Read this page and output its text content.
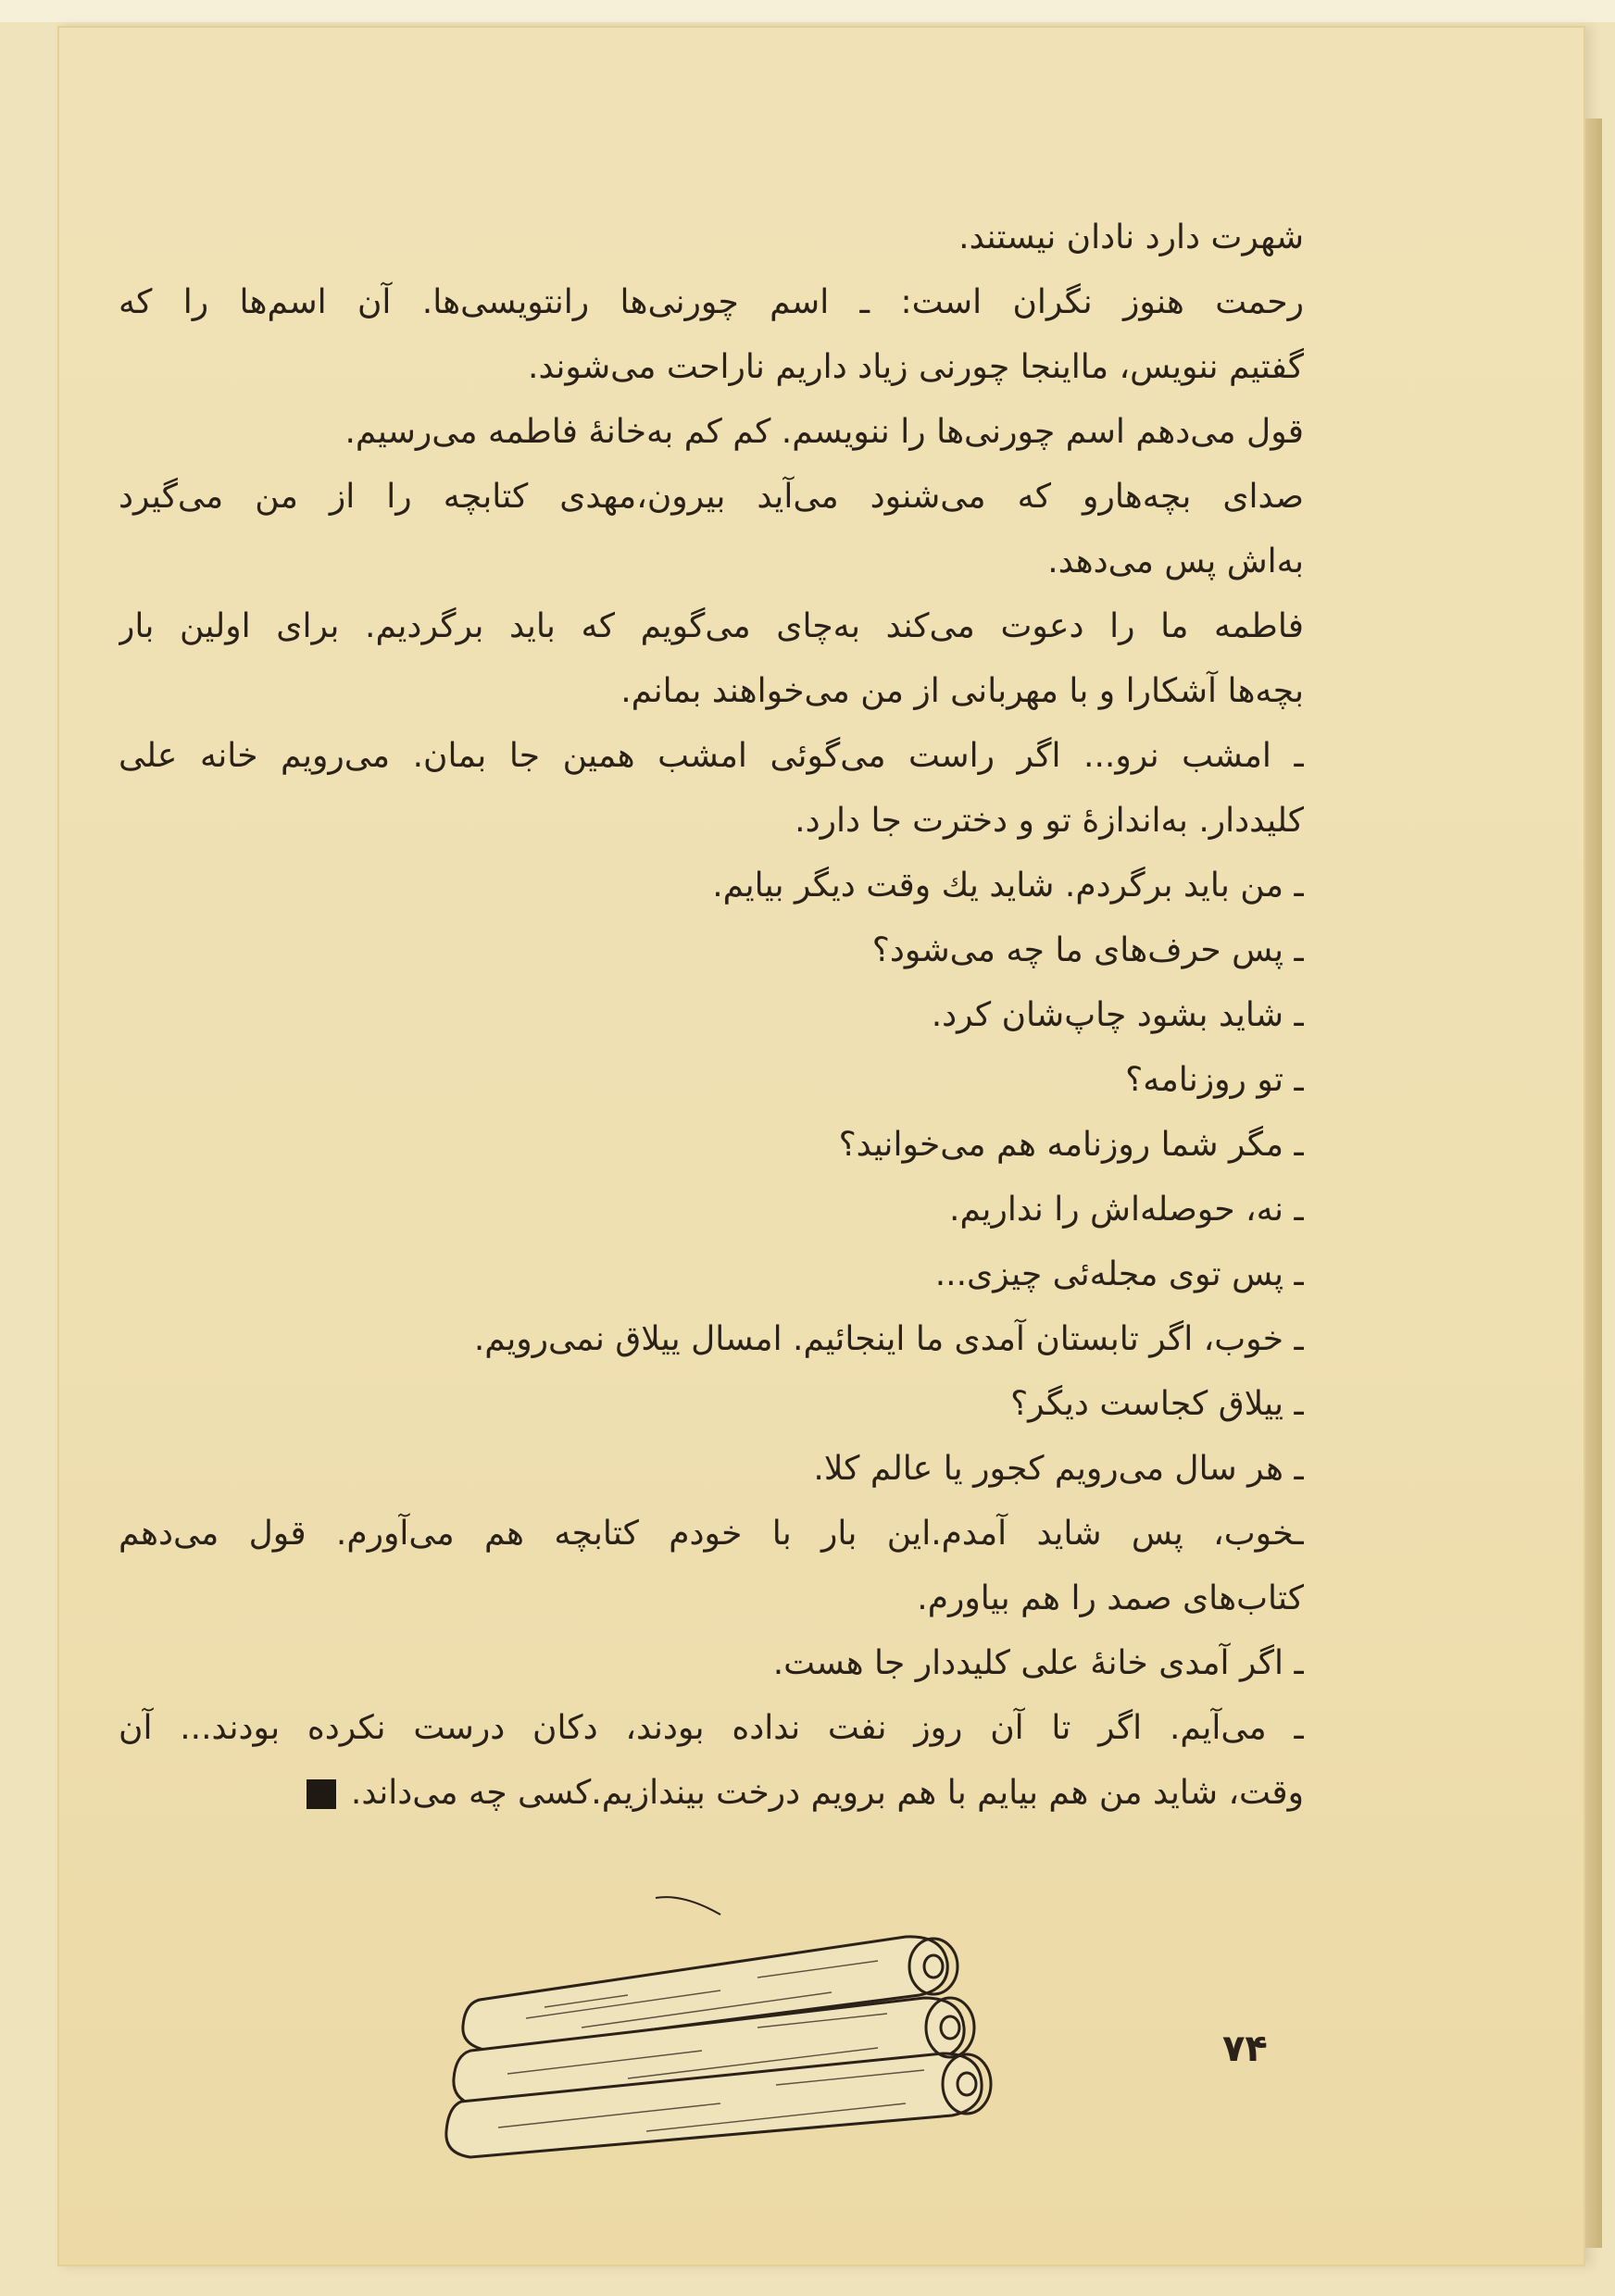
شهرت دارد نادان نیستند.
رحمت هنوز نگران است: ـ اسم چورنی‌ها رانتویسی‌ها. آن اسم‌ها را که
گفتیم ننویس، مااینجا چورنی زیاد داریم ناراحت می‌شوند.
قول می‌دهم اسم چورنی‌ها را ننویسم. کم کم به‌خانهٔ فاطمه می‌رسیم.
صدای بچه‌هارو که می‌شنود می‌آید بیرون،مهدی کتابچه را از من می‌گیرد
به‌اش پس می‌دهد.
فاطمه ما را دعوت می‌کند به‌چای می‌گویم که باید برگردیم. برای اولین بار
بچه‌ها آشکارا و با مهربانی از من می‌خواهند بمانم.
ـ امشب نرو... اگر راست می‌گوئی امشب همین جا بمان. می‌رویم خانه علی
کلیددار. به‌اندازهٔ تو و دخترت جا دارد.
ـ من باید برگردم. شاید یك وقت دیگر بیایم.
ـ پس حرف‌های ما چه می‌شود؟
ـ شاید بشود چاپ‌شان کرد.
ـ تو روزنامه؟
ـ مگر شما روزنامه هم می‌خوانید؟
ـ نه، حوصله‌اش را نداریم.
ـ پس توی مجله‌ئی چیزی...
ـ خوب، اگر تابستان آمدی ما اینجائیم. امسال ییلاق نمی‌رویم.
ـ ییلاق کجاست دیگر؟
ـ هر سال می‌رویم کجور یا عالم کلا.
ـخوب، پس شاید آمدم.این بار با خودم کتابچه هم می‌آورم. قول می‌دهم
کتاب‌های صمد را هم بیاورم.
ـ اگر آمدی خانهٔ علی کلیددار جا هست.
ـ می‌آیم. اگر تا آن روز نفت نداده بودند، دکان درست نکرده بودند... آن
وقت، شاید من هم بیایم با هم برویم درخت بیندازیم.کسی چه می‌داند.
۷۴
